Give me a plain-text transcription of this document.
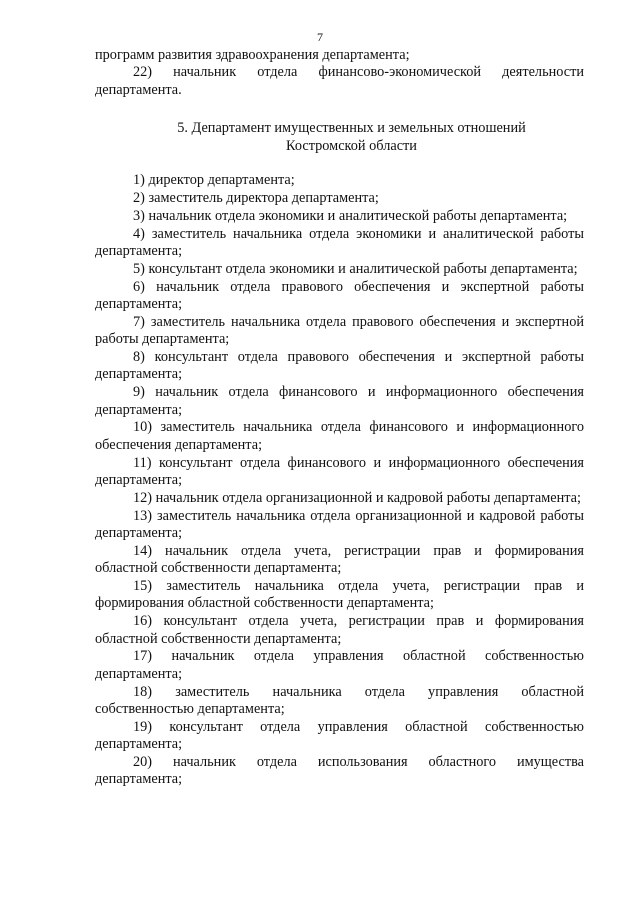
7

программ развития здравоохранения департамента;

22) начальник отдела финансово-экономической деятельности департамента.

5. Департамент имущественных и земельных отношений
Костромской области

1) директор департамента;

2) заместитель директора департамента;

3) начальник отдела экономики и аналитической работы департамента;

4) заместитель начальника отдела экономики и аналитической работы департамента;

5) консультант отдела экономики и аналитической работы департамента;

6) начальник отдела правового обеспечения и экспертной работы департамента;

7) заместитель начальника отдела правового обеспечения и экспертной работы департамента;

8) консультант отдела правового обеспечения и экспертной работы департамента;

9) начальник отдела финансового и информационного обеспечения департамента;

10) заместитель начальника отдела финансового и информационного обеспечения департамента;

11) консультант отдела финансового и информационного обеспечения департамента;

12) начальник отдела организационной и кадровой работы департамента;

13) заместитель начальника отдела организационной и кадровой работы департамента;

14) начальник отдела учета, регистрации прав и формирования областной собственности департамента;

15) заместитель начальника отдела учета, регистрации прав и формирования областной собственности департамента;

16) консультант отдела учета, регистрации прав и формирования областной собственности департамента;

17) начальник отдела управления областной собственностью департамента;

18) заместитель начальника отдела управления областной собственностью департамента;

19) консультант отдела управления областной собственностью департамента;

20) начальник отдела использования областного имущества департамента;
